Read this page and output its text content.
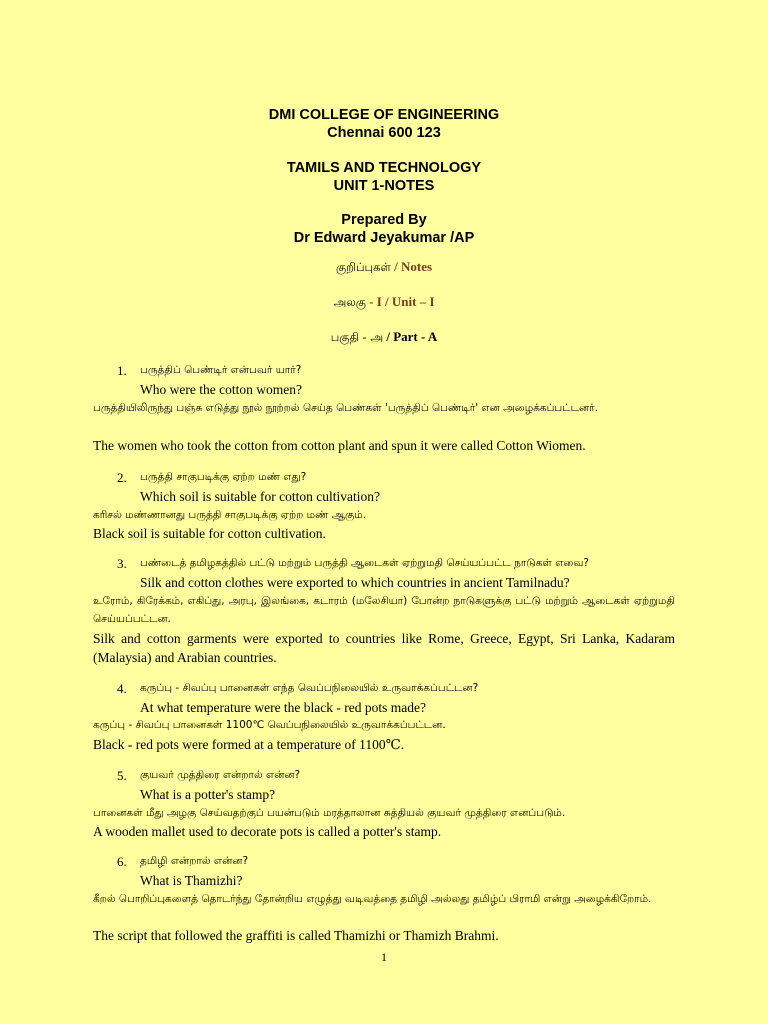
DMI COLLEGE OF ENGINEERING
Chennai 600 123
TAMILS AND TECHNOLOGY
UNIT 1-NOTES
Prepared By
Dr Edward Jeyakumar /AP
குறிப்புகள் / Notes
அலகு - I / Unit – I
பகுதி - அ / Part - A
1. பருத்திப் பெண்டிர் என்பவர் யார்?
Who were the cotton women?
பருத்தியிலிருந்து பஞ்சு எடுத்து நூல் நூற்றல் செய்த பெண்கள் 'பருத்திப் பெண்டிர்' என அழைக்கப்பட்டனர்.
The women who took the cotton from cotton plant and spun it were called Cotton Wiomen.
2. பருத்தி சாகுபடிக்கு ஏற்ற மண் எது?
Which soil is suitable for cotton cultivation?
கரிசல் மண்ணானது பருத்தி சாகுபடிக்கு ஏற்ற மண் ஆகும்.
Black soil is suitable for cotton cultivation.
3. பண்டைத் தமிழகத்தில் பட்டு மற்றும் பருத்தி ஆடைகள் ஏற்றுமதி செய்யப்பட்ட நாடுகள் எவை?
Silk and cotton clothes were exported to which countries in ancient Tamilnadu?
உரோம், கிரேக்கம், எகிப்து, அரபு, இலங்கை, கடாரம் (மலேசியா) போன்ற நாடுகளுக்கு பட்டு மற்றும் ஆடைகள் ஏற்றுமதி செய்யப்பட்டன.
Silk and cotton garments were exported to countries like Rome, Greece, Egypt, Sri Lanka, Kadaram (Malaysia) and Arabian countries.
4. கருப்பு - சிவப்பு பானைகள் எந்த வெப்பநிலையில் உருவாக்கப்பட்டன?
At what temperature were the black - red pots made?
கருப்பு - சிவப்பு பானைகள் 1100℃ வெப்பநிலையில் உருவாக்கப்பட்டன.
Black - red pots were formed at a temperature of 1100℃.
5. குயவர் முத்திரை என்றால் என்ன?
What is a potter's stamp?
பானைகள் மீது அழகு செய்வதற்குப் பயன்படும் மரத்தாலான சுத்தியல் குயவர் முத்திரை எனப்படும்.
A wooden mallet used to decorate pots is called a potter's stamp.
6. தமிழி என்றால் என்ன?
What is Thamizhi?
கீறல் பொறிப்புகளைத் தொடர்ந்து தோன்றிய எழுத்து வடிவத்தை தமிழி அல்லது தமிழ்ப் பிராமி என்று அழைக்கிறோம்.
The script that followed the graffiti is called Thamizhi or Thamizh Brahmi.
1
